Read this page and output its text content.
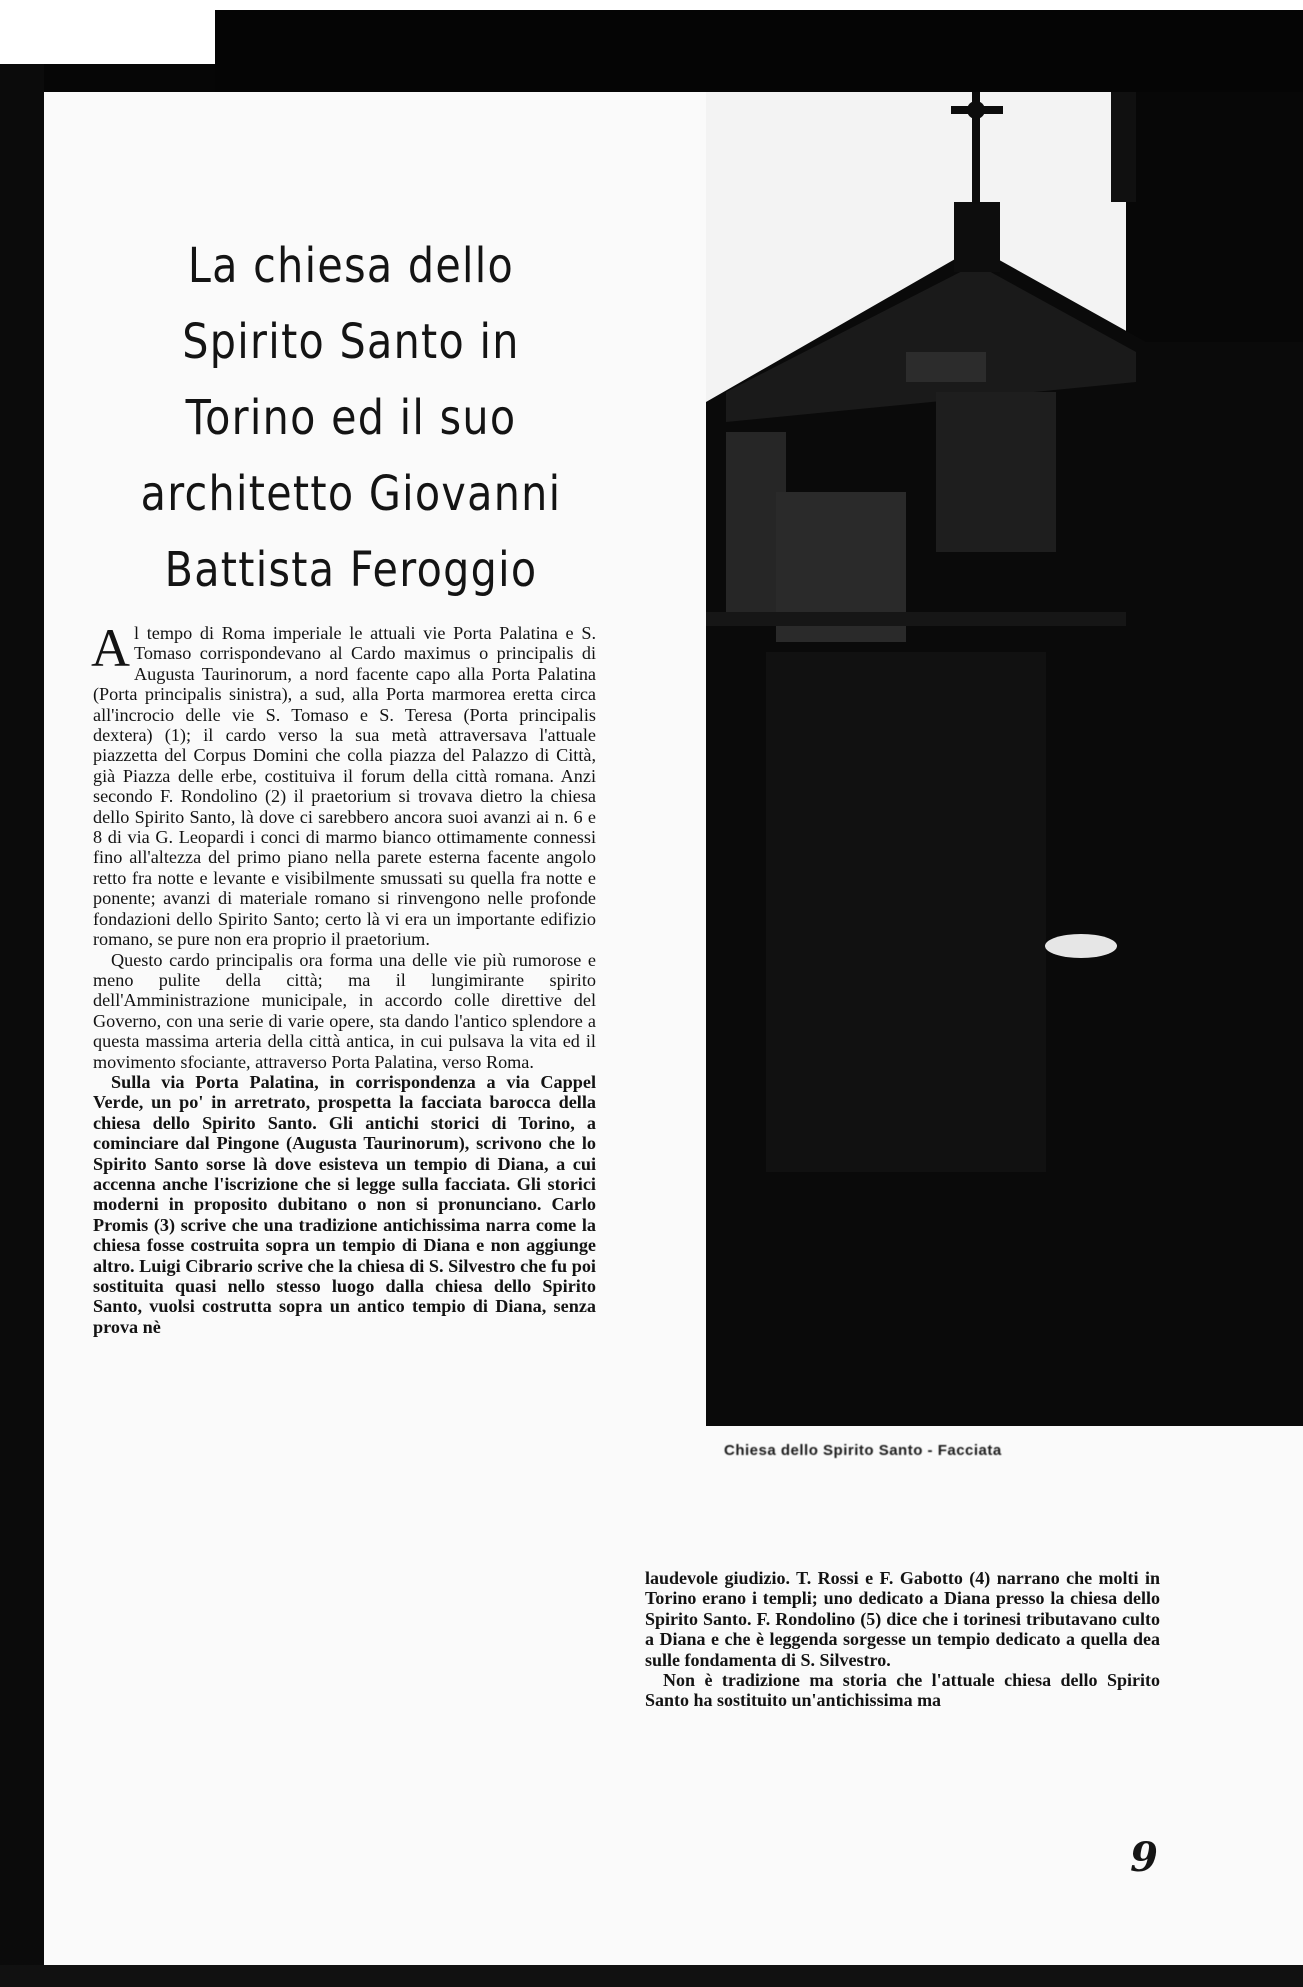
Chiesa dello Spirito Santo - Facciata
La chiesa dello Spirito Santo in Torino ed il suo architetto Giovanni Battista Feroggio

Al tempo di Roma imperiale le attuali vie Porta Palatina e S. Tomaso corrispondevano al Cardo maximus o principalis di Augusta Taurinorum, a nord facente capo alla Porta Palatina (Porta principalis sinistra), a sud, alla Porta marmorea eretta circa all'incrocio delle vie S. Tomaso e S. Teresa (Porta principalis dextera) (1); il cardo verso la sua metà attraversava l'attuale piazzetta del Corpus Domini che colla piazza del Palazzo di Città, già Piazza delle erbe, costituiva il forum della città romana. Anzi secondo F. Rondolino (2) il praetorium si trovava dietro la chiesa dello Spirito Santo, là dove ci sarebbero ancora suoi avanzi ai n. 6 e 8 di via G. Leopardi i conci di marmo bianco ottimamente connessi fino all'altezza del primo piano nella parete esterna facente angolo retto fra notte e levante e visibilmente smussati su quella fra notte e ponente; avanzi di materiale romano si rinvengono nelle profonde fondazioni dello Spirito Santo; certo là vi era un importante edifizio romano, se pure non era proprio il praetorium.

Questo cardo principalis ora forma una delle vie più rumorose e meno pulite della città; ma il lungimirante spirito dell'Amministrazione municipale, in accordo colle direttive del Governo, con una serie di varie opere, sta dando l'antico splendore a questa massima arteria della città antica, in cui pulsava la vita ed il movimento sfociante, attraverso Porta Palatina, verso Roma.

Sulla via Porta Palatina, in corrispondenza a via Cappel Verde, un po' in arretrato, prospetta la facciata barocca della chiesa dello Spirito Santo. Gli antichi storici di Torino, a cominciare dal Pingone (Augusta Taurinorum), scrivono che lo Spirito Santo sorse là dove esisteva un tempio di Diana, a cui accenna anche l'iscrizione che si legge sulla facciata. Gli storici moderni in proposito dubitano o non si pronunciano. Carlo Promis (3) scrive che una tradizione antichissima narra come la chiesa fosse costruita sopra un tempio di Diana e non aggiunge altro. Luigi Cibrario scrive che la chiesa di S. Silvestro che fu poi sostituita quasi nello stesso luogo dalla chiesa dello Spirito Santo, vuolsi costrutta sopra un antico tempio di Diana, senza prova nè

laudevole giudizio. T. Rossi e F. Gabotto (4) narrano che molti in Torino erano i templi; uno dedicato a Diana presso la chiesa dello Spirito Santo. F. Rondolino (5) dice che i torinesi tributavano culto a Diana e che è leggenda sorgesse un tempio dedicato a quella dea sulle fondamenta di S. Silvestro.

Non è tradizione ma storia che l'attuale chiesa dello Spirito Santo ha sostituito un'antichissima ma

9
